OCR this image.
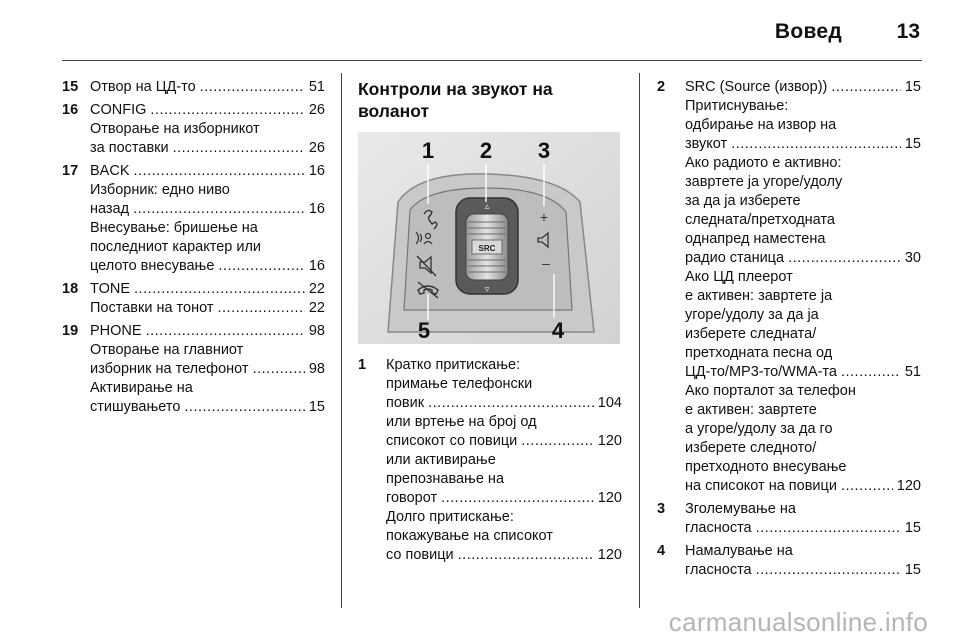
Вовед	13
15 Отвор на ЦД-то .....	51
16 CONFIG .....	26
Отворање на изборникот
за поставки .....	26
17 BACK .....	16
Изборник: едно ниво
назад .....	16
Внесување: бришење на
последниот карактер или
целото внесување .....	16
18 TONE .....	22
Поставки на тонот .....	22
19 PHONE .....	98
Отворање на главниот
изборник на телефонот .....	98
Активирање на
стишувањето .....	15
Контроли на звукот на
воланот
SRC
▵
▿
+
–
1 2 3
4
5
1 Кратко притискање:
примање телефонски
повик .....	104
или вртење на број од
списокот со повици .....	120
или активирање
препознавање на
говорот .....	120
Долго притискање:
покажување на списокот
со повици .....	120
2 SRC (Source (извор)) .....	15
Притиснување:
одбирање на извор на
звукот .....	15
Ако радиото е активно:
завртете ја угоре/удолу
за да ја изберете
следната/претходната
однапред наместена
радио станица .....	30
Ако ЦД плеерот
е активен: завртете ја
угоре/удолу за да ја
изберете следната/
претходната песна од
ЦД-то/MP3-то/WMA-та .....	51
Ако порталот за телефон
е активен: завртете
а угоре/удолу за да го
изберете следното/
претходното внесување
на списокот на повици .....	120
3 Зголемување на
гласноста .....	15
4 Намалување на
гласноста .....	15
carmanualsonline.info
